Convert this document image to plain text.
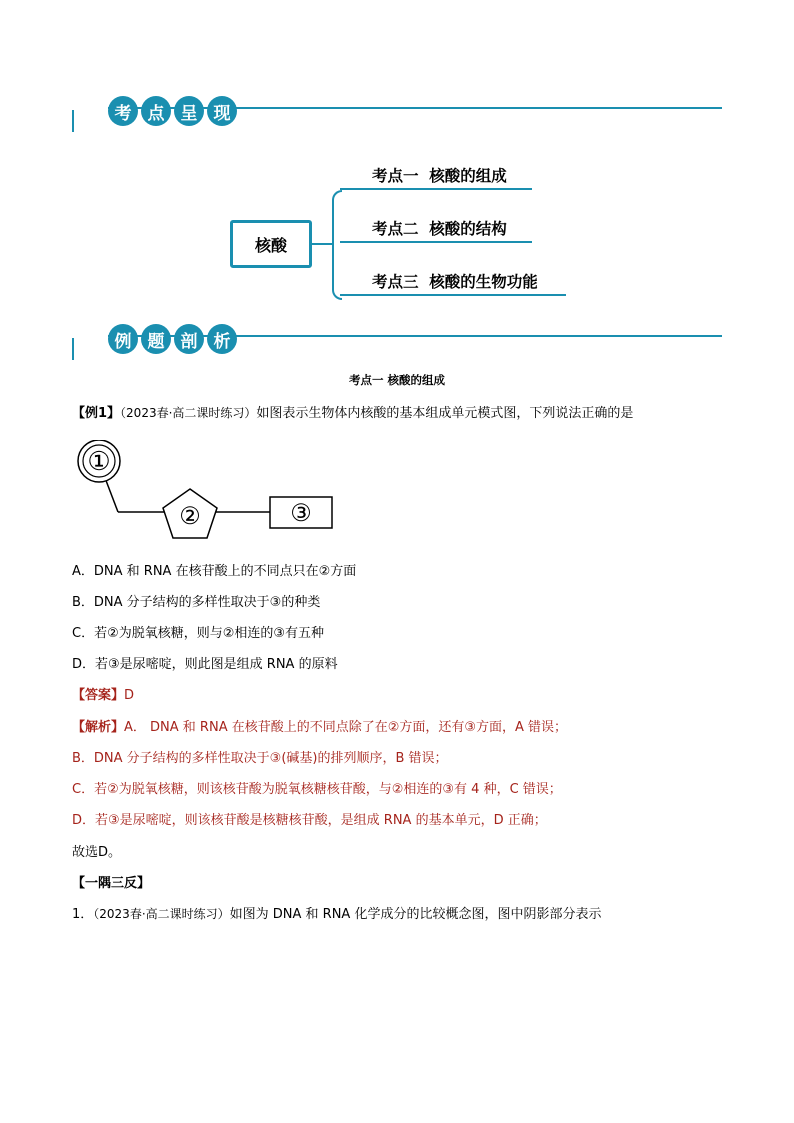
考 点 呈 现
核酸
考点一  核酸的组成
考点二  核酸的结构
考点三  核酸的生物功能
例 题 剖 析
考点一 核酸的组成
【例1】（2023春·高二课时练习）如图表示生物体内核酸的基本组成单元模式图，下列说法正确的是
①
②	③
A．DNA 和 RNA 在核苷酸上的不同点只在②方面
B．DNA 分子结构的多样性取决于③的种类
C．若②为脱氧核糖，则与②相连的③有五种
D．若③是尿嘧啶，则此图是组成 RNA 的原料
【答案】D
【解析】A． DNA 和 RNA 在核苷酸上的不同点除了在②方面，还有③方面，A 错误；
B．DNA 分子结构的多样性取决于③(碱基)的排列顺序，B 错误；
C．若②为脱氧核糖，则该核苷酸为脱氧核糖核苷酸，与②相连的③有 4 种，C 错误；
D．若③是尿嘧啶，则该核苷酸是核糖核苷酸，是组成 RNA 的基本单元，D 正确；
故选D。
【一隅三反】
1．（2023春·高二课时练习）如图为 DNA 和 RNA 化学成分的比较概念图，图中阴影部分表示
